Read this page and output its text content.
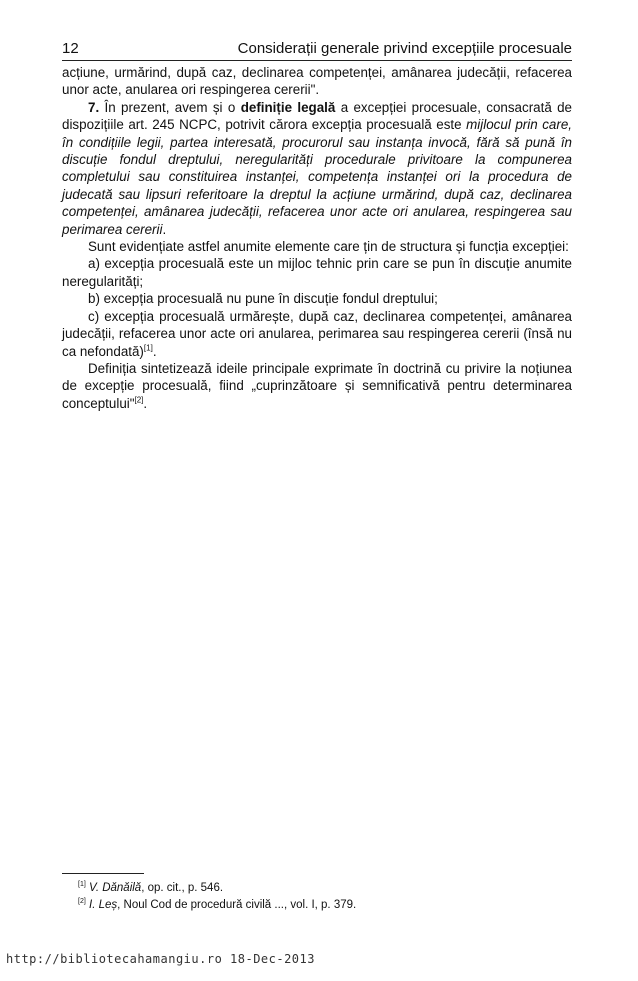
12	Considerații generale privind excepțiile procesuale

acțiune, urmărind, după caz, declinarea competenței, amânarea judecății, refacerea unor acte, anularea ori respingerea cererii".

7. În prezent, avem și o definiție legală a excepției procesuale, consacrată de dispozițiile art. 245 NCPC, potrivit cărora excepția procesuală este mijlocul prin care, în condițiile legii, partea interesată, procurorul sau instanța invocă, fără să pună în discuție fondul dreptului, neregularități procedurale privitoare la compunerea completului sau constituirea instanței, competența instanței ori la procedura de judecată sau lipsuri referitoare la dreptul la acțiune urmărind, după caz, declinarea competenței, amânarea judecății, refacerea unor acte ori anularea, respingerea sau perimarea cererii.

Sunt evidențiate astfel anumite elemente care țin de structura și funcția excepției:

a) excepția procesuală este un mijloc tehnic prin care se pun în discuție anumite neregularități;

b) excepția procesuală nu pune în discuție fondul dreptului;

c) excepția procesuală urmărește, după caz, declinarea competenței, amânarea judecății, refacerea unor acte ori anularea, perimarea sau respingerea cererii (însă nu ca nefondată)[1].

Definiția sintetizează ideile principale exprimate în doctrină cu privire la noțiunea de excepție procesuală, fiind „cuprinzătoare și semnificativă pentru determinarea conceptului"[2].

[1] V. Dănăilă, op. cit., p. 546.

[2] I. Leș, Noul Cod de procedură civilă ..., vol. I, p. 379.

http://bibliotecahamangiu.ro 18-Dec-2013
